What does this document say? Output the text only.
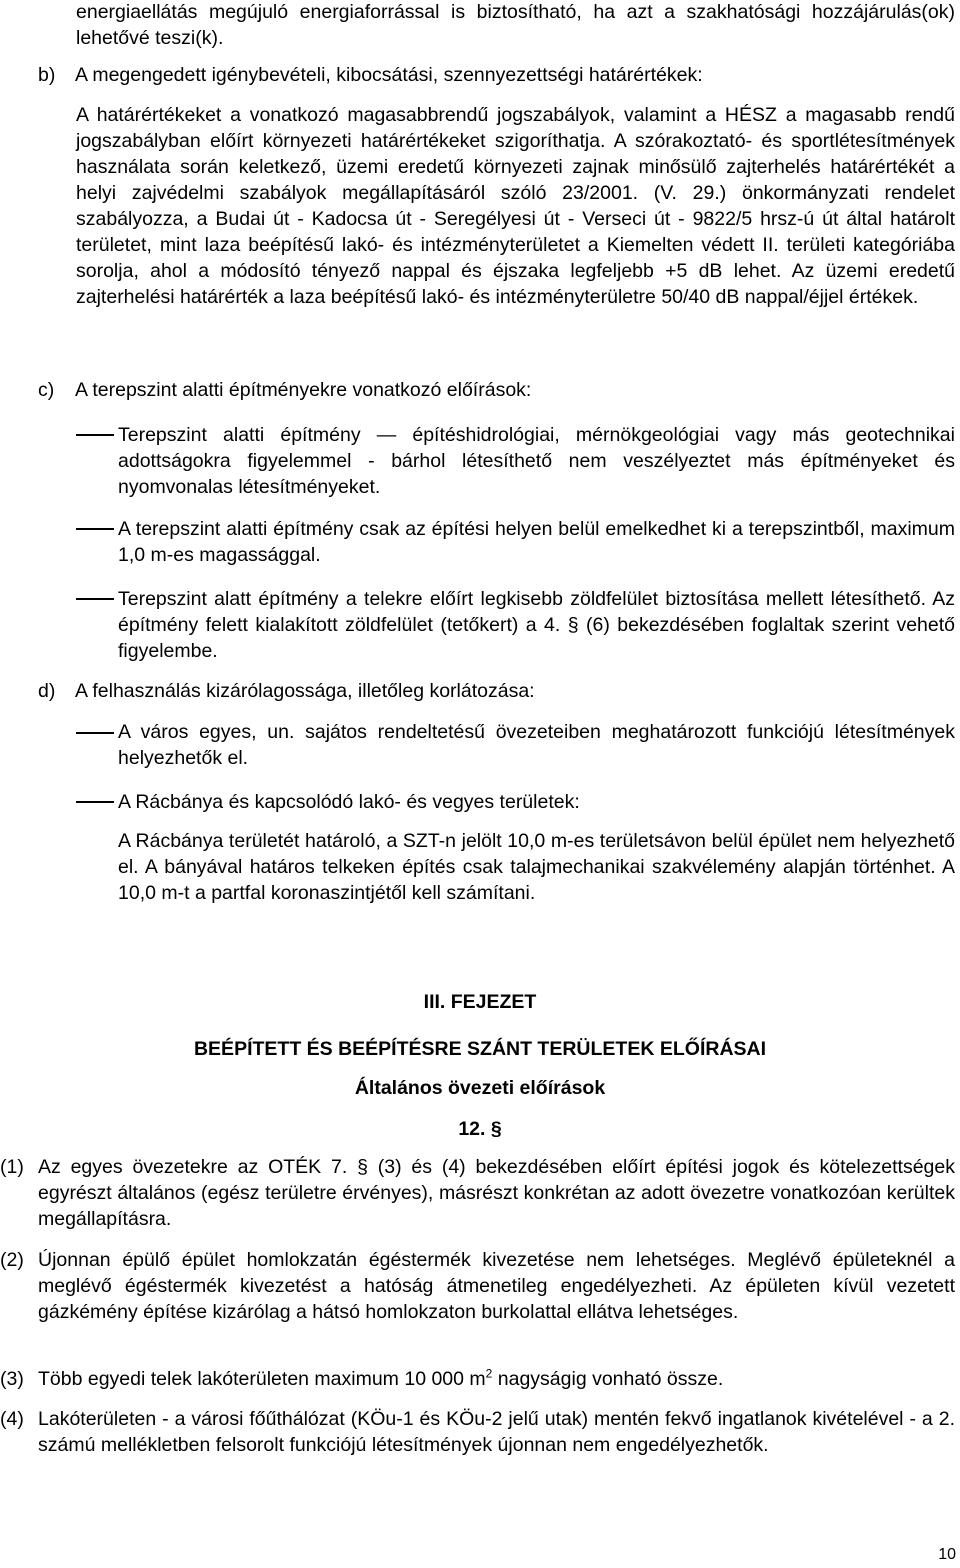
energiaellátás megújuló energiaforrással is biztosítható, ha azt a szakhatósági hozzájárulás(ok) lehetővé teszi(k).

b)	A megengedett igénybevételi, kibocsátási, szennyezettségi határértékek:

A határértékeket a vonatkozó magasabbrendű jogszabályok, valamint a HÉSZ a magasabb rendű jogszabályban előírt környezeti határértékeket szigoríthatja. A szórakoztató- és sportlétesítmények használata során keletkező, üzemi eredetű környezeti zajnak minősülő zajterhelés határértékét a helyi zajvédelmi szabályok megállapításáról szóló 23/2001. (V. 29.) önkormányzati rendelet szabályozza, a Budai út - Kadocsa út - Seregélyesi út - Verseci út - 9822/5 hrsz-ú út által határolt területet, mint laza beépítésű lakó- és intézményterületet a Kiemelten védett II. területi kategóriába sorolja, ahol a módosító tényező nappal és éjszaka legfeljebb +5 dB lehet. Az üzemi eredetű zajterhelési határérték a laza beépítésű lakó- és intézményterületre 50/40 dB nappal/éjjel értékek.

c)	A terepszint alatti építményekre vonatkozó előírások:

Terepszint alatti építmény — építéshidrológiai, mérnökgeológiai vagy más geotechnikai adottságokra figyelemmel - bárhol létesíthető nem veszélyeztet más építményeket és nyomvonalas létesítményeket.

A terepszint alatti építmény csak az építési helyen belül emelkedhet ki a terepszintből, maximum 1,0 m-es magassággal.

Terepszint alatt építmény a telekre előírt legkisebb zöldfelület biztosítása mellett létesíthető. Az építmény felett kialakított zöldfelület (tetőkert) a 4. § (6) bekezdésében foglaltak szerint vehető figyelembe.

d)	A felhasználás kizárólagossága, illetőleg korlátozása:

A város egyes, un. sajátos rendeltetésű övezeteiben meghatározott funkciójú létesítmények helyezhetők el.

A Rácbánya és kapcsolódó lakó- és vegyes területek:

A Rácbánya területét határoló, a SZT-n jelölt 10,0 m-es területsávon belül épület nem helyezhető el. A bányával határos telkeken építés csak talajmechanikai szakvélemény alapján történhet. A 10,0 m-t a partfal koronaszintjétől kell számítani.

III. FEJEZET
BEÉPÍTETT ÉS BEÉPÍTÉSRE SZÁNT TERÜLETEK ELŐÍRÁSAI
Általános övezeti előírások
12. §
(1) Az egyes övezetekre az OTÉK 7. § (3) és (4) bekezdésében előírt építési jogok és kötelezettségek egyrészt általános (egész területre érvényes), másrészt konkrétan az adott övezetre vonatkozóan kerültek megállapításra.

(2) Újonnan épülő épület homlokzatán égéstermék kivezetése nem lehetséges. Meglévő épületeknél a meglévő égéstermék kivezetést a hatóság átmenetileg engedélyezheti. Az épületen kívül vezetett gázkémény építése kizárólag a hátsó homlokzaton burkolattal ellátva lehetséges.

(3) Több egyedi telek lakóterületen maximum 10 000 $m^2$ nagyságig vonható össze.

(4) Lakóterületen - a városi főűthálózat (KÖu-1 és KÖu-2 jelű utak) mentén fekvő ingatlanok kivételével - a 2. számú mellékletben felsorolt funkciójú létesítmények újonnan nem engedélyezhetők.

10
